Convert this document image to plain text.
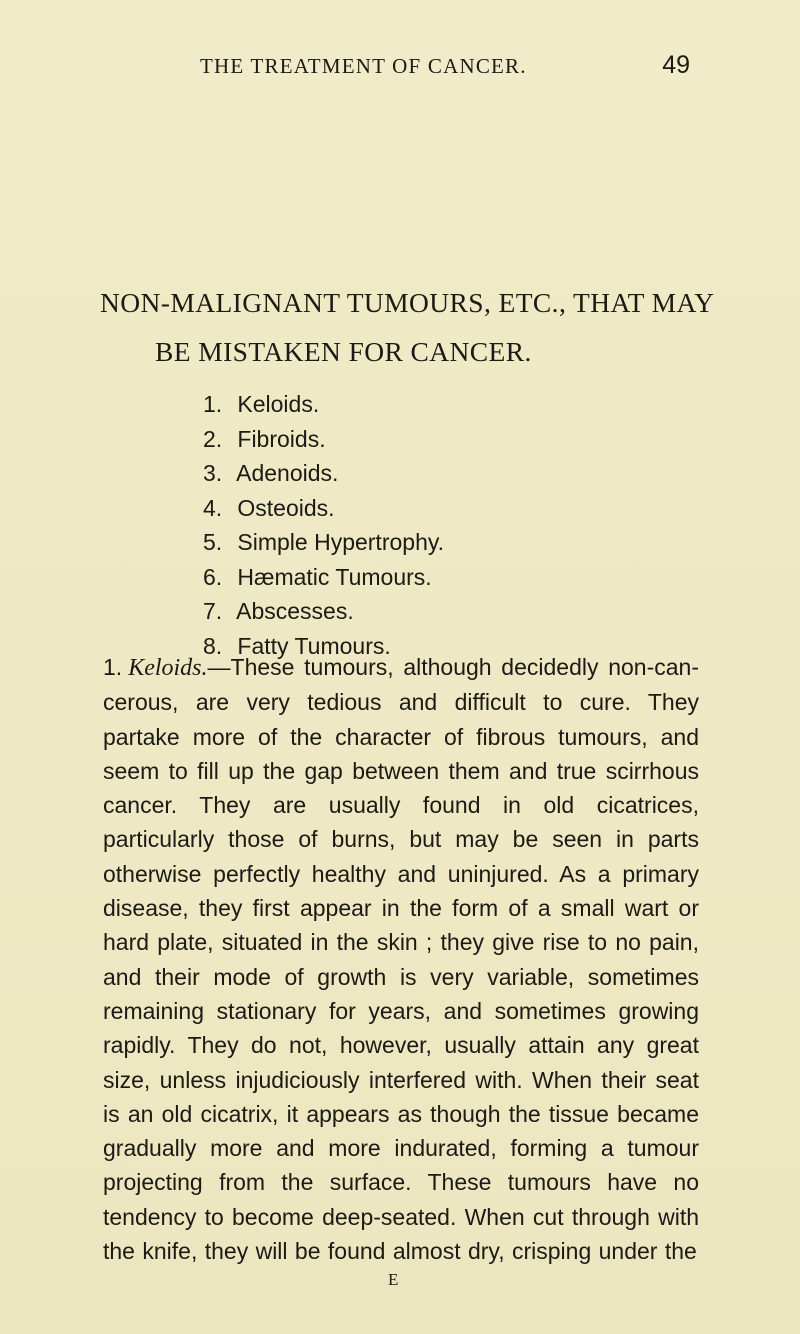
THE TREATMENT OF CANCER.	49
NON-MALIGNANT TUMOURS, ETC., THAT MAY
BE MISTAKEN FOR CANCER.
1. Keloids.
2. Fibroids.
3. Adenoids.
4. Osteoids.
5. Simple Hypertrophy.
6. Hæmatic Tumours.
7. Abscesses.
8. Fatty Tumours.

1. Keloids.—These tumours, although decidedly non-cancerous, are very tedious and difficult to cure. They partake more of the character of fibrous tumours, and seem to fill up the gap between them and true scirrhous cancer. They are usually found in old cicatrices, particularly those of burns, but may be seen in parts otherwise perfectly healthy and uninjured. As a primary disease, they first appear in the form of a small wart or hard plate, situated in the skin ; they give rise to no pain, and their mode of growth is very variable, sometimes remaining stationary for years, and sometimes growing rapidly. They do not, however, usually attain any great size, unless injudiciously interfered with. When their seat is an old cicatrix, it appears as though the tissue became gradually more and more indurated, forming a tumour projecting from the surface. These tumours have no tendency to become deep-seated. When cut through with the knife, they will be found almost dry, crisping under the

E
